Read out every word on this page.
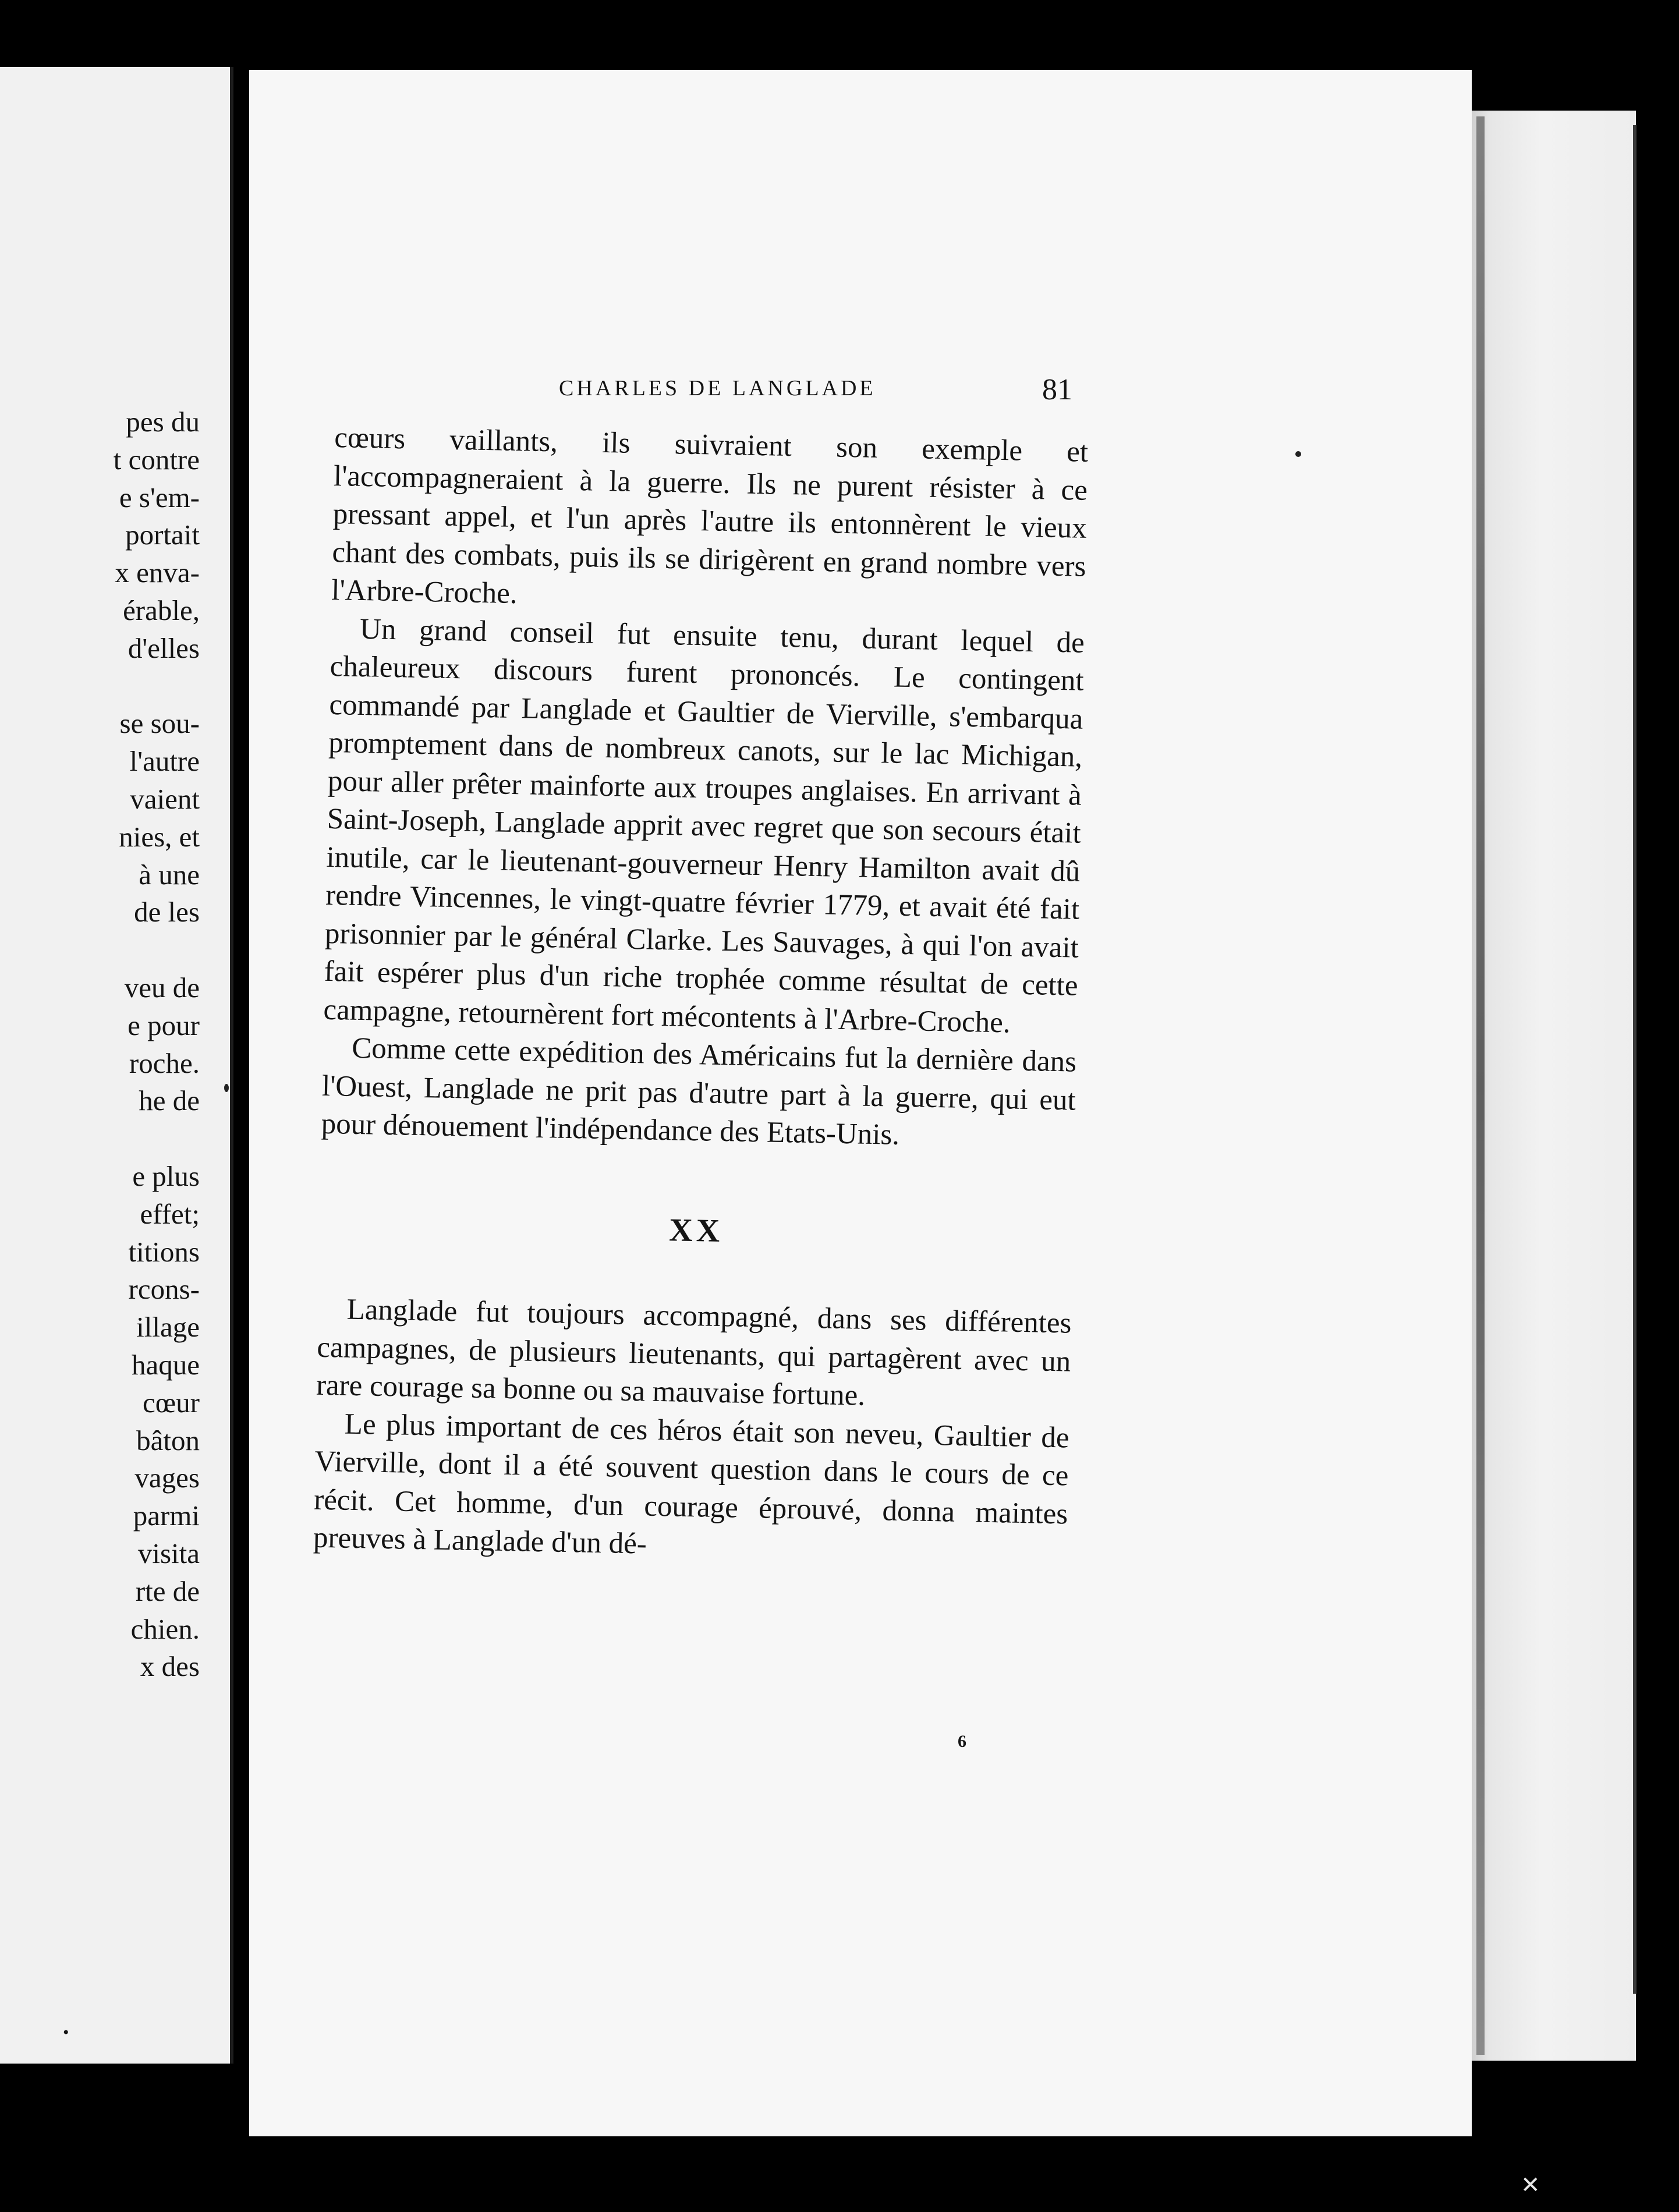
pes du
t contre
e s'em-
portait
x enva-
érable,
d'elles

se sou-
l'autre
vaient
nies, et
à une
de les

veu de
e pour
roche.
he de

e plus
effet;
titions
rcons-
illage
haque
cœur
bâton
vages
parmi
visita
rte de
chien.
x des
•
CHARLES DE LANGLADE	81

cœurs vaillants, ils suivraient son exemple et l'accompagneraient à la guerre. Ils ne purent résister à ce pressant appel, et l'un après l'autre ils entonnèrent le vieux chant des combats, puis ils se dirigèrent en grand nombre vers l'Arbre-Croche.

Un grand conseil fut ensuite tenu, durant lequel de chaleureux discours furent prononcés. Le contingent commandé par Langlade et Gaultier de Vierville, s'embarqua promptement dans de nombreux canots, sur le lac Michigan, pour aller prêter mainforte aux troupes anglaises. En arrivant à Saint-Joseph, Langlade apprit avec regret que son secours était inutile, car le lieutenant-gouverneur Henry Hamilton avait dû rendre Vincennes, le vingt-quatre février 1779, et avait été fait prisonnier par le général Clarke. Les Sauvages, à qui l'on avait fait espérer plus d'un riche trophée comme résultat de cette campagne, retournèrent fort mécontents à l'Arbre-Croche.

Comme cette expédition des Américains fut la dernière dans l'Ouest, Langlade ne prit pas d'autre part à la guerre, qui eut pour dénouement l'indépendance des Etats-Unis.

XX

Langlade fut toujours accompagné, dans ses différentes campagnes, de plusieurs lieutenants, qui partagèrent avec un rare courage sa bonne ou sa mauvaise fortune.

Le plus important de ces héros était son neveu, Gaultier de Vierville, dont il a été souvent question dans le cours de ce récit. Cet homme, d'un courage éprouvé, donna maintes preuves à Langlade d'un dé-

6
✕
